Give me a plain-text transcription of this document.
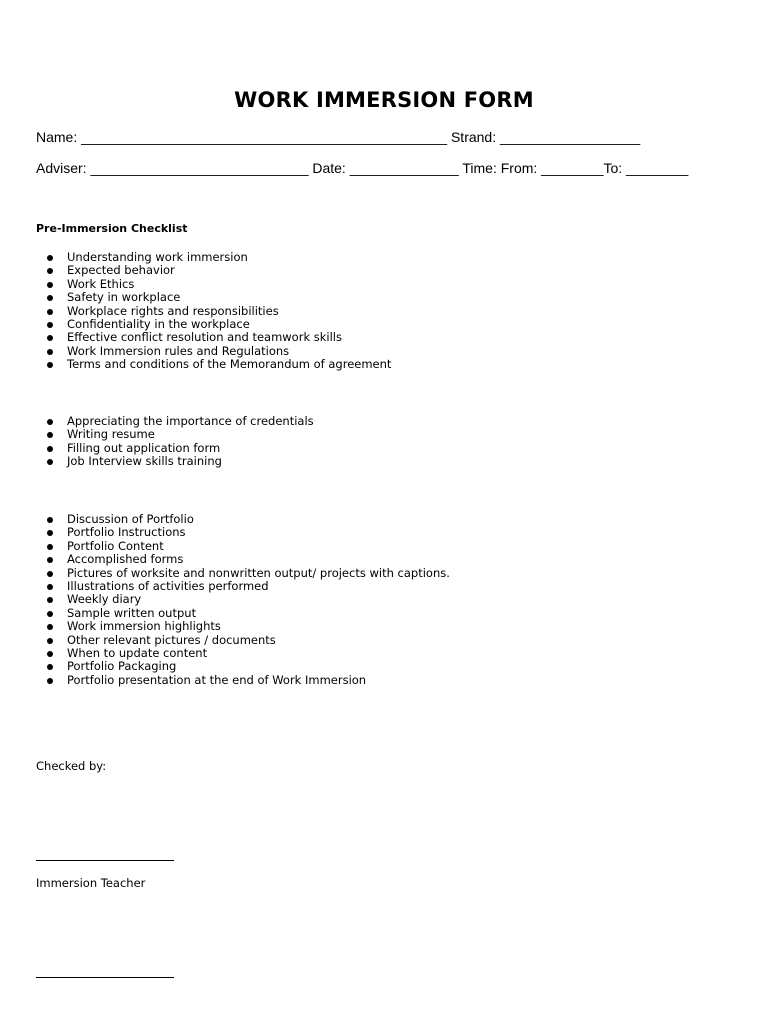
WORK IMMERSION FORM

Name: _______________________________________________ Strand: __________________

Adviser: ____________________________ Date: ______________ Time: From: ________To: ________

Pre-Immersion Checklist

Understanding work immersion
Expected behavior
Work Ethics
Safety in workplace
Workplace rights and responsibilities
Confidentiality in the workplace
Effective conflict resolution and teamwork skills
Work Immersion rules and Regulations
Terms and conditions of the Memorandum of agreement
Appreciating the importance of credentials
Writing resume
Filling out application form
Job Interview skills training
Discussion of Portfolio
Portfolio Instructions
Portfolio Content
Accomplished forms
Pictures of worksite and nonwritten output/ projects with captions.
Illustrations of activities performed
Weekly diary
Sample written output
Work immersion highlights
Other relevant pictures / documents
When to update content
Portfolio Packaging
Portfolio presentation at the end of Work Immersion

Checked by:

Immersion Teacher
